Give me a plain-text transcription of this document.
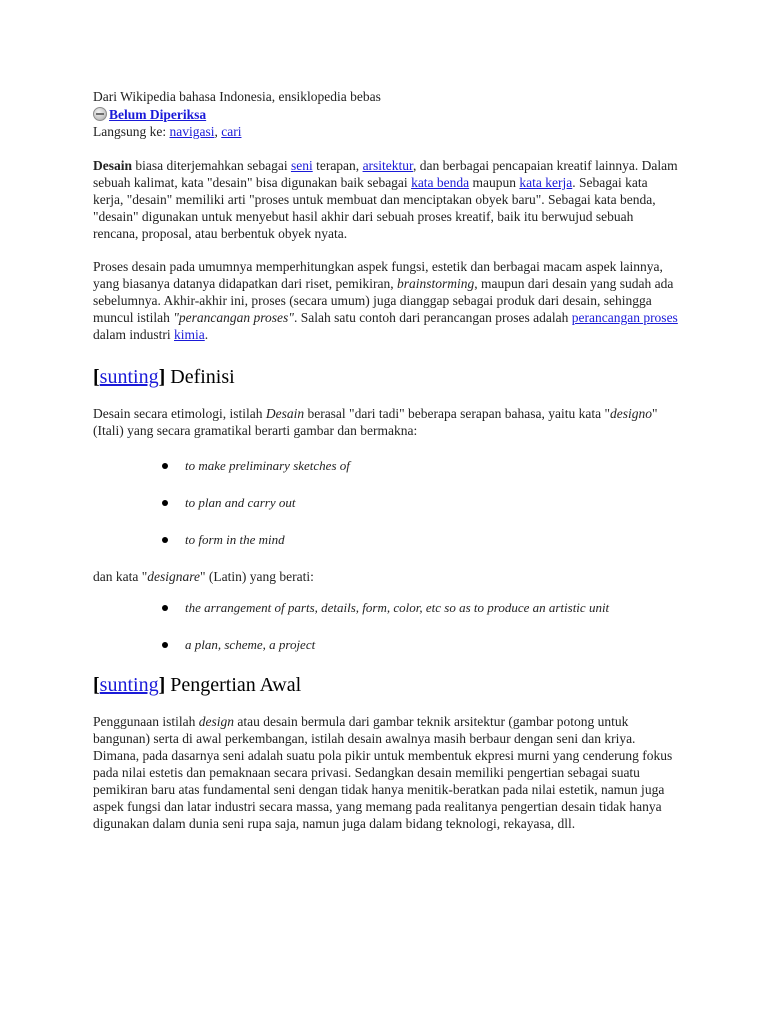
Dari Wikipedia bahasa Indonesia, ensiklopedia bebas
Belum Diperiksa
Langsung ke: navigasi, cari

Desain biasa diterjemahkan sebagai seni terapan, arsitektur, dan berbagai pencapaian kreatif lainnya. Dalam sebuah kalimat, kata "desain" bisa digunakan baik sebagai kata benda maupun kata kerja. Sebagai kata kerja, "desain" memiliki arti "proses untuk membuat dan menciptakan obyek baru". Sebagai kata benda, "desain" digunakan untuk menyebut hasil akhir dari sebuah proses kreatif, baik itu berwujud sebuah rencana, proposal, atau berbentuk obyek nyata.

Proses desain pada umumnya memperhitungkan aspek fungsi, estetik dan berbagai macam aspek lainnya, yang biasanya datanya didapatkan dari riset, pemikiran, brainstorming, maupun dari desain yang sudah ada sebelumnya. Akhir-akhir ini, proses (secara umum) juga dianggap sebagai produk dari desain, sehingga muncul istilah "perancangan proses". Salah satu contoh dari perancangan proses adalah perancangan proses dalam industri kimia.

[sunting] Definisi

Desain secara etimologi, istilah Desain berasal "dari tadi" beberapa serapan bahasa, yaitu kata "designo" (Itali) yang secara gramatikal berarti gambar dan bermakna:

to make preliminary sketches of
to plan and carry out
to form in the mind

dan kata "designare" (Latin) yang berati:

the arrangement of parts, details, form, color, etc so as to produce an artistic unit
a plan, scheme, a project
[sunting] Pengertian Awal

Penggunaan istilah design atau desain bermula dari gambar teknik arsitektur (gambar potong untuk bangunan) serta di awal perkembangan, istilah desain awalnya masih berbaur dengan seni dan kriya. Dimana, pada dasarnya seni adalah suatu pola pikir untuk membentuk ekpresi murni yang cenderung fokus pada nilai estetis dan pemaknaan secara privasi. Sedangkan desain memiliki pengertian sebagai suatu pemikiran baru atas fundamental seni dengan tidak hanya menitik-beratkan pada nilai estetik, namun juga aspek fungsi dan latar industri secara massa, yang memang pada realitanya pengertian desain tidak hanya digunakan dalam dunia seni rupa saja, namun juga dalam bidang teknologi, rekayasa, dll.
